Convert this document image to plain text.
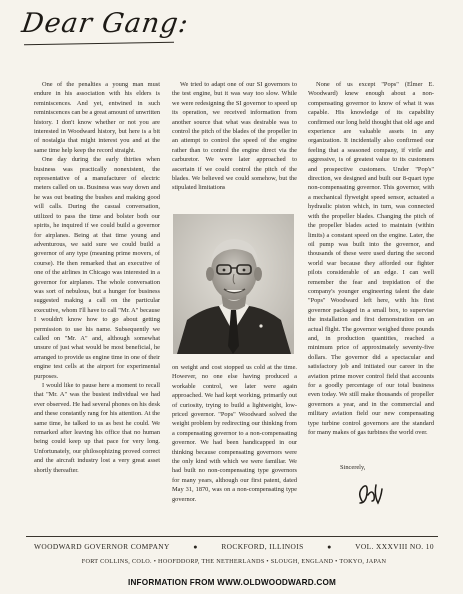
Dear Gang:

One of the penalties a young man must endure in his association with his elders is reminiscences. And yet, entwined in such reminiscences can be a great amount of unwritten history. I don't know whether or not you are interested in Woodward history, but here is a bit of nostalgia that might interest you and at the same time help keep the record straight.

One day during the early thirties when business was practically nonexistent, the representative of a manufacturer of electric meters called on us. Business was way down and he was out beating the bushes and making good will calls. During the casual conversation, utilized to pass the time and bolster both our spirits, he inquired if we could build a governor for airplanes. Being at that time young and adventurous, we said sure we could build a governor of any type (meaning prime movers, of course). He then remarked that an executive of one of the airlines in Chicago was interested in a governor for airplanes. The whole conversation was sort of nebulous, but a hunger for business suggested making a call on the particular executive, whom I'll have to call "Mr. A" because I wouldn't know how to go about getting permission to use his name. Subsequently we called on "Mr. A" and, although somewhat unsure of just what would be most beneficial, he arranged to provide us engine time in one of their engine test cells at the airport for experimental purposes.

I would like to pause here a moment to recall that "Mr. A" was the busiest individual we had ever observed. He had several phones on his desk and these constantly rang for his attention. At the same time, he talked to us as best he could. We remarked after leaving his office that no human being could keep up that pace for very long. Unfortunately, our philosophizing proved correct and the aircraft industry lost a very great asset shortly thereafter.

We tried to adapt one of our SI governors to the test engine, but it was way too slow. While we were redesigning the SI governor to speed up its operation, we received information from another source that what was desirable was to control the pitch of the blades of the propeller in an attempt to control the speed of the engine rather than to control the engine direct via the carburetor. We were later approached to ascertain if we could control the pitch of the blades. We believed we could somehow, but the stipulated limitations

on weight and cost stopped us cold at the time. However, no one else having produced a workable control, we later were again approached. We had kept working, primarily out of curiosity, trying to build a lightweight, low-priced governor. "Pops" Woodward solved the weight problem by redirecting our thinking from a compensating governor to a non-compensating governor. We had been handicapped in our thinking because compensating governors were the only kind with which we were familiar. We had built no non-compensating type governors for many years, although our first patent, dated May 31, 1870, was on a non-compensating type governor.

None of us except "Pops" (Elmer E. Woodward) knew enough about a non-compensating governor to know of what it was capable. His knowledge of its capability confirmed our long held thought that old age and experience are valuable assets in any organization. It incidentally also confirmed our feeling that a seasoned company, if virile and aggressive, is of greatest value to its customers and prospective customers. Under "Pop's" direction, we designed and built our 8-quart type non-compensating governor. This governor, with a mechanical flyweight speed sensor, actuated a hydraulic piston which, in turn, was connected with the propeller blades. Changing the pitch of the propeller blades acted to maintain (within limits) a constant speed on the engine. Later, the oil pump was built into the governor, and thousands of these were used during the second world war because they afforded our fighter pilots considerable of an edge. I can well remember the fear and trepidation of the company's younger engineering talent the date "Pops" Woodward left here, with his first governor packaged in a small box, to supervise the installation and first demonstration on an actual flight. The governor weighed three pounds and, in production quantities, reached a minimum price of approximately seventy-five dollars. The governor did a spectacular and satisfactory job and initiated our career in the aviation prime mover control field that accounts for a goodly percentage of our total business even today. We still make thousands of propeller governors a year, and in the commercial and military aviation field our new compensating type turbine control governors are the standard for many makes of gas turbines the world over.

Sincerely,
WOODWARD GOVERNOR COMPANY	●	ROCKFORD, ILLINOIS	●	VOL. XXXVIII NO. 10
FORT COLLINS, COLO. • HOOFDDORP, THE NETHERLANDS • SLOUGH, ENGLAND • TOKYO, JAPAN
INFORMATION FROM WWW.OLDWOODWARD.COM
